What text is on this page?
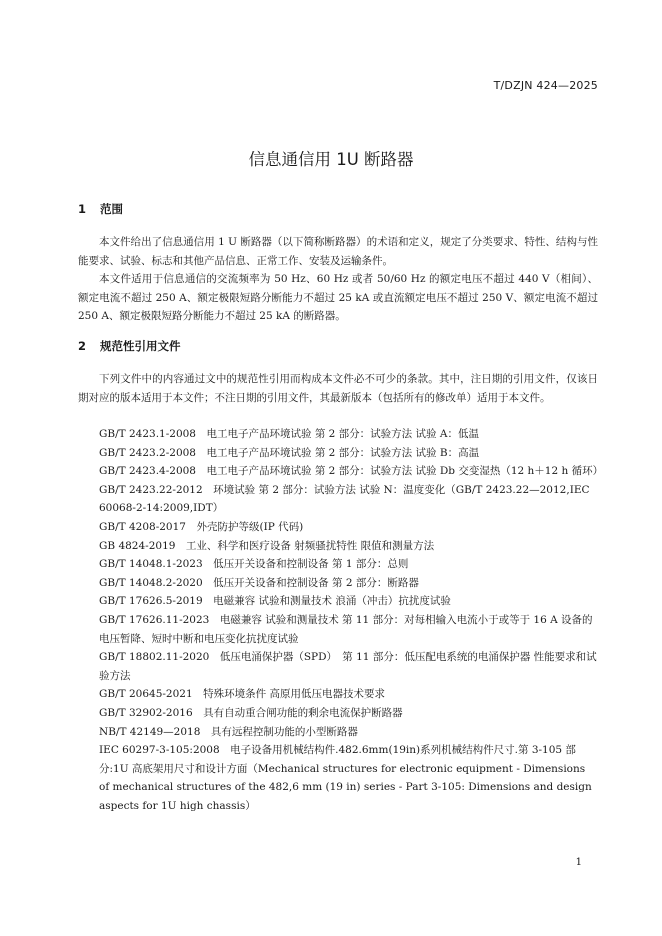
T/DZJN 424—2025
信息通信用 1U 断路器
1 范围

本文件给出了信息通信用 1 U 断路器（以下简称断路器）的术语和定义，规定了分类要求、特性、结构与性能要求、试验、标志和其他产品信息、正常工作、安装及运输条件。

本文件适用于信息通信的交流频率为 50 Hz、60 Hz 或者 50/60 Hz 的额定电压不超过 440 V（相间）、额定电流不超过 250 A、额定极限短路分断能力不超过 25 kA 或直流额定电压不超过 250 V、额定电流不超过 250 A、额定极限短路分断能力不超过 25 kA 的断路器。

2 规范性引用文件

下列文件中的内容通过文中的规范性引用而构成本文件必不可少的条款。其中，注日期的引用文件，仅该日期对应的版本适用于本文件；不注日期的引用文件，其最新版本（包括所有的修改单）适用于本文件。

GB/T 2423.1-2008　电工电子产品环境试验 第 2 部分：试验方法 试验 A：低温

GB/T 2423.2-2008　电工电子产品环境试验 第 2 部分：试验方法 试验 B：高温

GB/T 2423.4-2008　电工电子产品环境试验 第 2 部分：试验方法 试验 Db 交变湿热（12 h＋12 h 循环）

GB/T 2423.22-2012　环境试验 第 2 部分：试验方法 试验 N：温度变化（GB/T 2423.22—2012,IEC 60068-2-14:2009,IDT）

GB/T 4208-2017　外壳防护等级(IP 代码)

GB 4824-2019　工业、科学和医疗设备 射频骚扰特性 限值和测量方法

GB/T 14048.1-2023　低压开关设备和控制设备 第 1 部分：总则

GB/T 14048.2-2020　低压开关设备和控制设备 第 2 部分：断路器

GB/T 17626.5-2019　电磁兼容 试验和测量技术 浪涌（冲击）抗扰度试验

GB/T 17626.11-2023　电磁兼容 试验和测量技术 第 11 部分：对每相输入电流小于或等于 16 A 设备的电压暂降、短时中断和电压变化抗扰度试验

GB/T 18802.11-2020　低压电涌保护器（SPD）　第 11 部分：低压配电系统的电涌保护器 性能要求和试验方法

GB/T 20645-2021　特殊环境条件 高原用低压电器技术要求

GB/T 32902-2016　具有自动重合闸功能的剩余电流保护断路器

NB/T 42149—2018　具有远程控制功能的小型断路器

IEC 60297-3-105:2008　电子设备用机械结构件.482.6mm(19in)系列机械结构件尺寸.第 3-105 部分:1U 高底架用尺寸和设计方面（Mechanical structures for electronic equipment - Dimensions of mechanical structures of the 482,6 mm (19 in) series - Part 3-105: Dimensions and design aspects for 1U high chassis）

1
